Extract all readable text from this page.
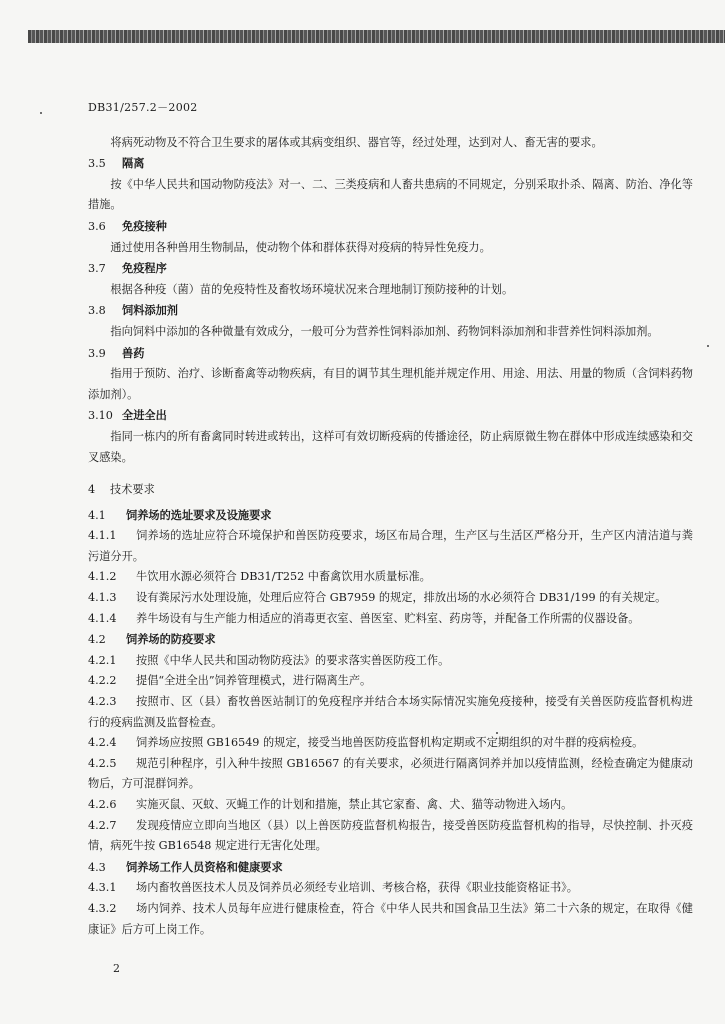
DB31/257.2－2002

将病死动物及不符合卫生要求的屠体或其病变组织、器官等，经过处理，达到对人、畜无害的要求。

3.5 隔离

按《中华人民共和国动物防疫法》对一、二、三类疫病和人畜共患病的不同规定，分别采取扑杀、隔离、防治、净化等措施。

3.6 免疫接种

通过使用各种兽用生物制品，使动物个体和群体获得对疫病的特异性免疫力。

3.7 免疫程序

根据各种疫（菌）苗的免疫特性及畜牧场环境状况来合理地制订预防接种的计划。

3.8 饲料添加剂

指向饲料中添加的各种微量有效成分，一般可分为营养性饲料添加剂、药物饲料添加剂和非营养性饲料添加剂。

3.9 兽药

指用于预防、治疗、诊断畜禽等动物疾病，有目的调节其生理机能并规定作用、用途、用法、用量的物质（含饲料药物添加剂）。

3.10 全进全出

指同一栋内的所有畜禽同时转进或转出，这样可有效切断疫病的传播途径，防止病原微生物在群体中形成连续感染和交叉感染。

4 技术要求
4.1 饲养场的选址要求及设施要求

4.1.1 饲养场的选址应符合环境保护和兽医防疫要求，场区布局合理，生产区与生活区严格分开，生产区内清洁道与粪污道分开。

4.1.2 牛饮用水源必须符合 DB31/T252 中畜禽饮用水质量标准。

4.1.3 设有粪尿污水处理设施，处理后应符合 GB7959 的规定，排放出场的水必须符合 DB31/199 的有关规定。

4.1.4 养牛场设有与生产能力相适应的消毒更衣室、兽医室、贮料室、药房等，并配备工作所需的仪器设备。

4.2 饲养场的防疫要求

4.2.1 按照《中华人民共和国动物防疫法》的要求落实兽医防疫工作。

4.2.2 提倡“全进全出”饲养管理模式，进行隔离生产。

4.2.3 按照市、区（县）畜牧兽医站制订的免疫程序并结合本场实际情况实施免疫接种，接受有关兽医防疫监督机构进行的疫病监测及监督检查。

4.2.4 饲养场应按照 GB16549 的规定，接受当地兽医防疫监督机构定期或不定期组织的对牛群的疫病检疫。

4.2.5 规范引种程序，引入种牛按照 GB16567 的有关要求，必须进行隔离饲养并加以疫情监测，经检查确定为健康动物后，方可混群饲养。

4.2.6 实施灭鼠、灭蚊、灭蝇工作的计划和措施，禁止其它家畜、禽、犬、猫等动物进入场内。

4.2.7 发现疫情应立即向当地区（县）以上兽医防疫监督机构报告，接受兽医防疫监督机构的指导，尽快控制、扑灭疫情，病死牛按 GB16548 规定进行无害化处理。

4.3 饲养场工作人员资格和健康要求

4.3.1 场内畜牧兽医技术人员及饲养员必须经专业培训、考核合格，获得《职业技能资格证书》。

4.3.2 场内饲养、技术人员每年应进行健康检查，符合《中华人民共和国食品卫生法》第二十六条的规定，在取得《健康证》后方可上岗工作。

2
